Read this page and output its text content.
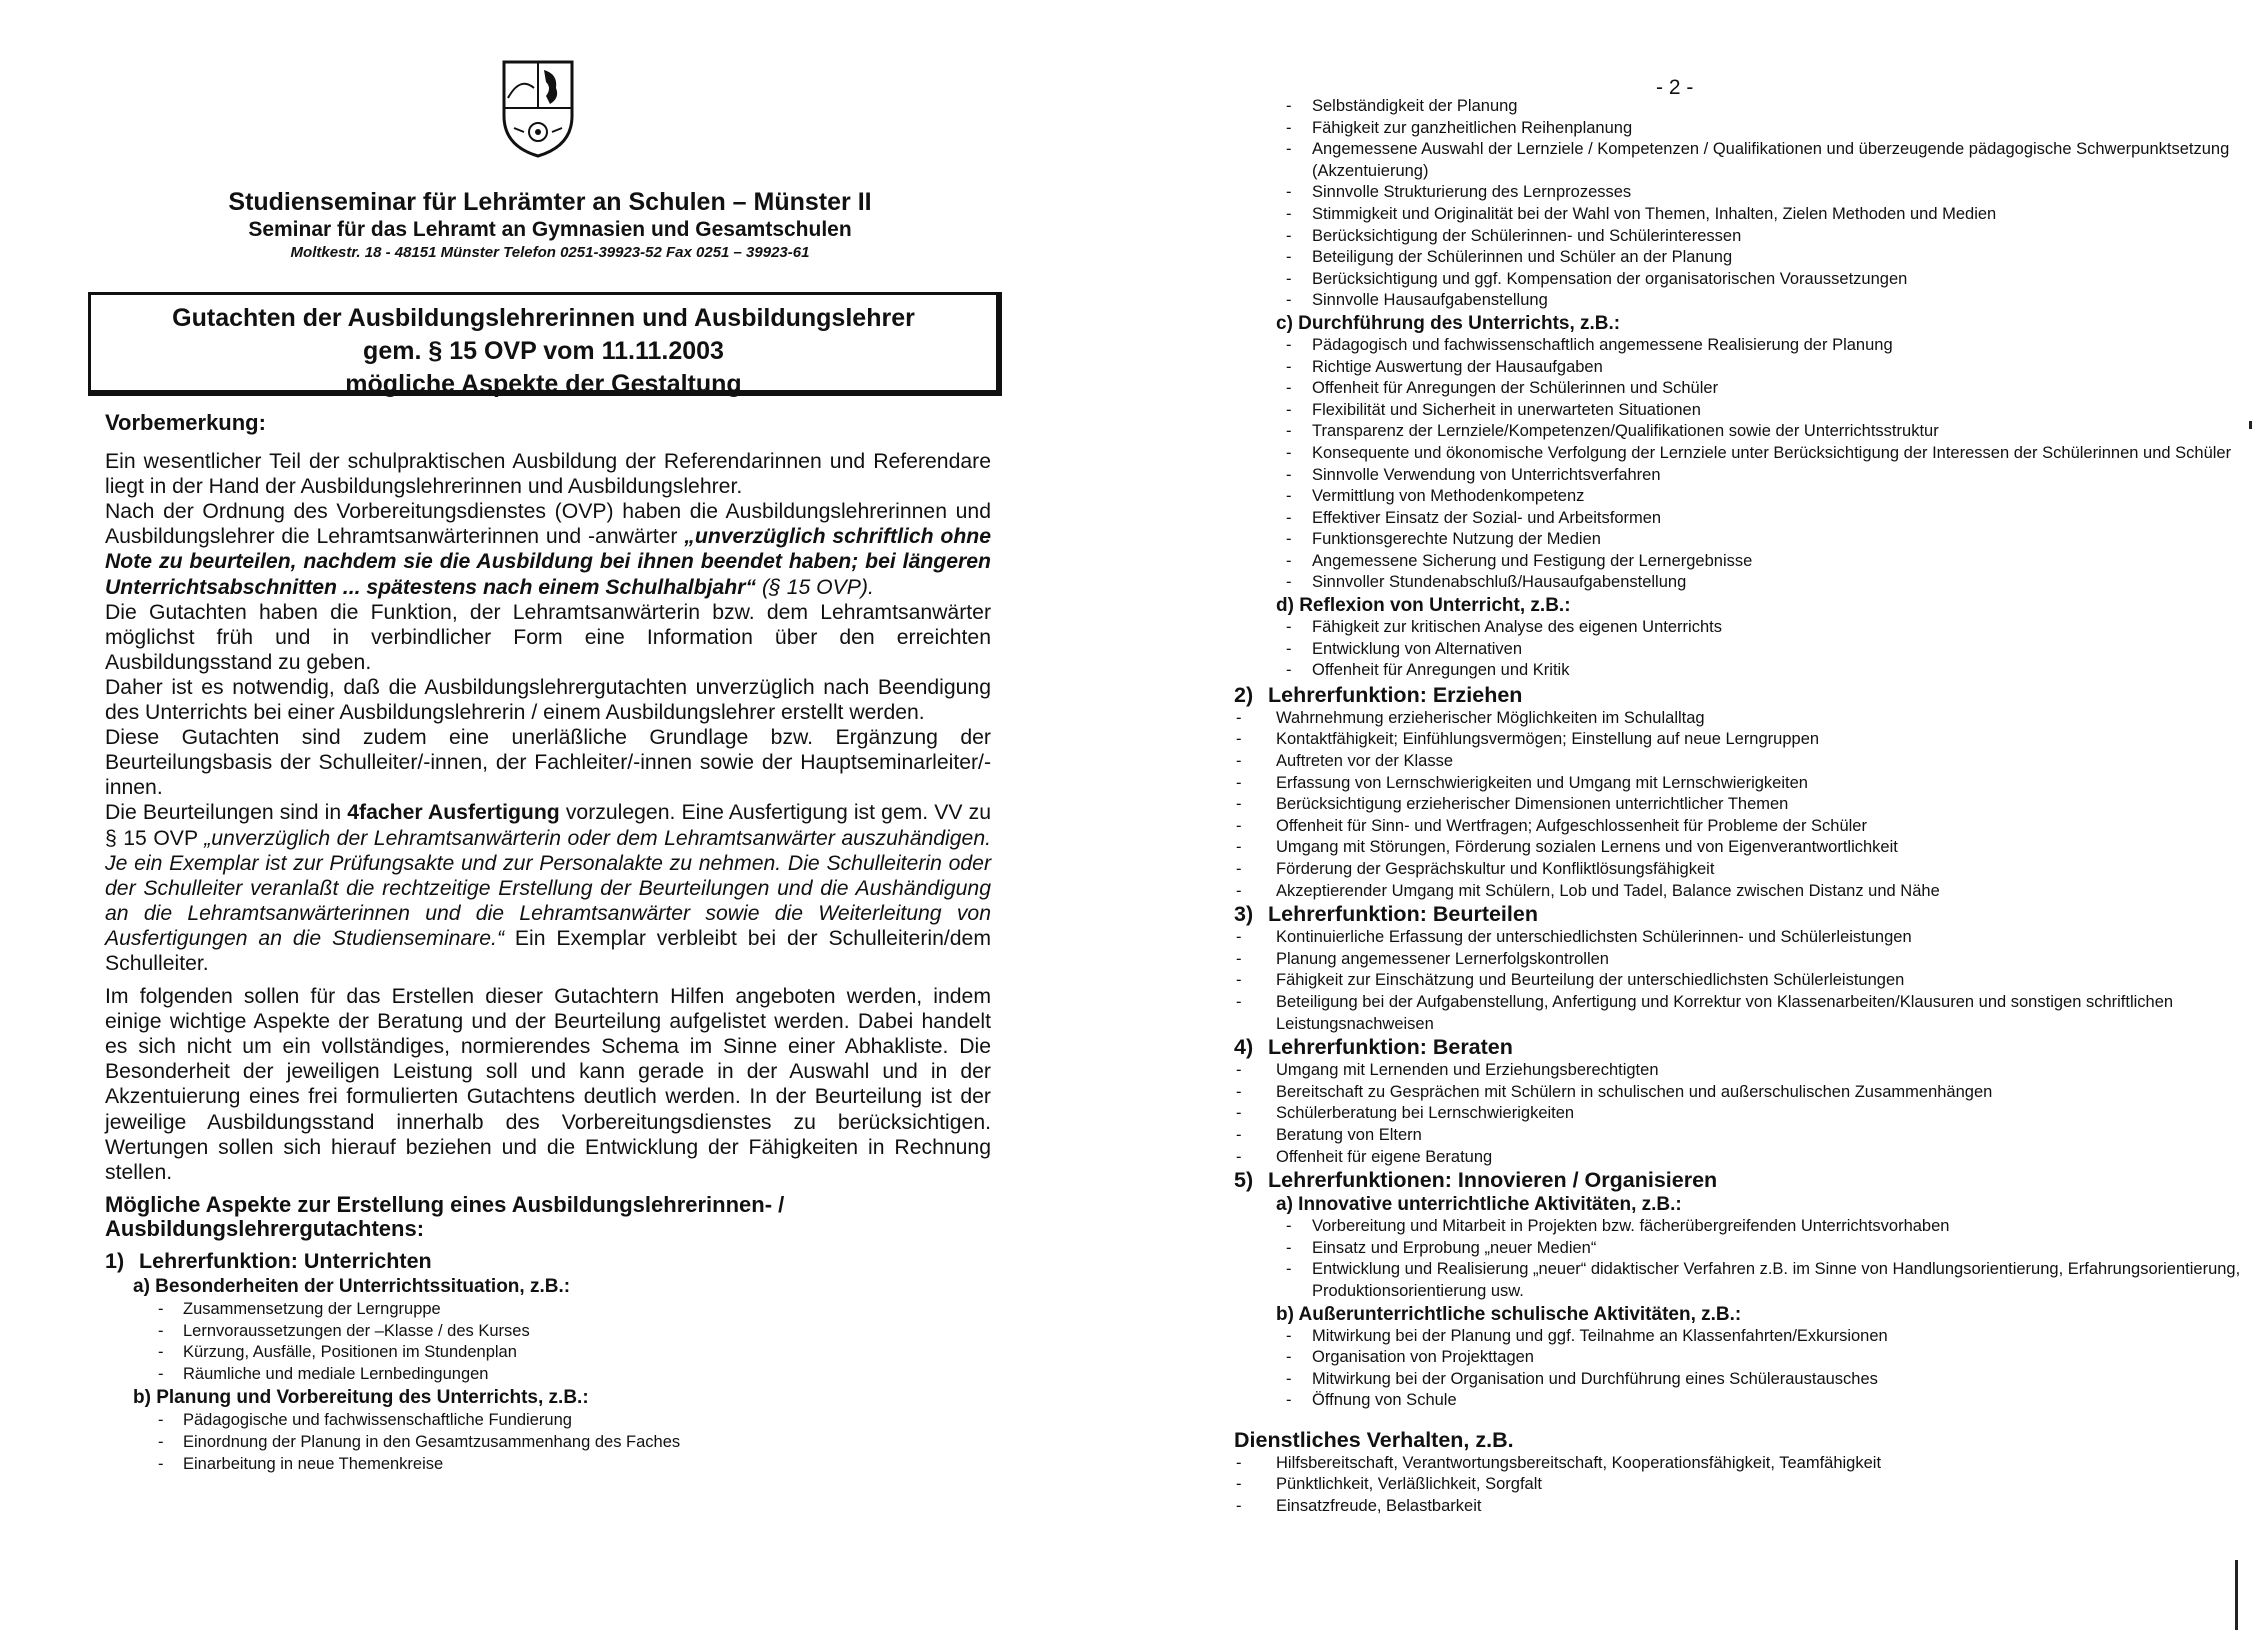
Studienseminar für Lehrämter an Schulen – Münster II
Seminar für das Lehramt an Gymnasien und Gesamtschulen
Moltkestr. 18 - 48151 Münster Telefon 0251-39923-52 Fax 0251 – 39923-61
Gutachten der Ausbildungslehrerinnen und Ausbildungslehrer
gem. § 15 OVP vom 11.11.2003
mögliche Aspekte der Gestaltung
Vorbemerkung:

Ein wesentlicher Teil der schulpraktischen Ausbildung der Referendarinnen und Referendare liegt in der Hand der Ausbildungslehrerinnen und Ausbildungslehrer.

Nach der Ordnung des Vorbereitungsdienstes (OVP) haben die Ausbildungslehrerinnen und Ausbildungslehrer die Lehramtsanwärterinnen und -anwärter „unverzüglich schriftlich ohne Note zu beurteilen, nachdem sie die Ausbildung bei ihnen beendet haben; bei längeren Unterrichtsabschnitten ... spätestens nach einem Schulhalbjahr“ (§ 15 OVP).

Die Gutachten haben die Funktion, der Lehramtsanwärterin bzw. dem Lehramtsanwärter möglichst früh und in verbindlicher Form eine Information über den erreichten Ausbildungsstand zu geben.

Daher ist es notwendig, daß die Ausbildungslehrergutachten unverzüglich nach Beendigung des Unterrichts bei einer Ausbildungslehrerin / einem Ausbildungslehrer erstellt werden.

Diese Gutachten sind zudem eine unerläßliche Grundlage bzw. Ergänzung der Beurteilungsbasis der Schulleiter/-innen, der Fachleiter/-innen sowie der Hauptseminarleiter/-innen.

Die Beurteilungen sind in 4facher Ausfertigung vorzulegen. Eine Ausfertigung ist gem. VV zu § 15 OVP „unverzüglich der Lehramtsanwärterin oder dem Lehramtsanwärter auszuhändigen. Je ein Exemplar ist zur Prüfungsakte und zur Personalakte zu nehmen. Die Schulleiterin oder der Schulleiter veranlaßt die rechtzeitige Erstellung der Beurteilungen und die Aushändigung an die Lehramtsanwärterinnen und die Lehramtsanwärter sowie die Weiterleitung von Ausfertigungen an die Studienseminare.“ Ein Exemplar verbleibt bei der Schulleiterin/dem Schulleiter.

Im folgenden sollen für das Erstellen dieser Gutachtern Hilfen angeboten werden, indem einige wichtige Aspekte der Beratung und der Beurteilung aufgelistet werden. Dabei handelt es sich nicht um ein vollständiges, normierendes Schema im Sinne einer Abhakliste. Die Besonderheit der jeweiligen Leistung soll und kann gerade in der Auswahl und in der Akzentuierung eines frei formulierten Gutachtens deutlich werden. In der Beurteilung ist der jeweilige Ausbildungsstand innerhalb des Vorbereitungsdienstes zu berücksichtigen. Wertungen sollen sich hierauf beziehen und die Entwicklung der Fähigkeiten in Rechnung stellen.

Mögliche Aspekte zur Erstellung eines Ausbildungslehrerinnen- / Ausbildungslehrergutachtens:
1) Lehrerfunktion: Unterrichten
a) Besonderheiten der Unterrichtssituation, z.B.:
- Zusammensetzung der Lerngruppe
- Lernvoraussetzungen der –Klasse / des Kurses
- Kürzung, Ausfälle, Positionen im Stundenplan
- Räumliche und mediale Lernbedingungen
b) Planung und Vorbereitung des Unterrichts, z.B.:
- Pädagogische und fachwissenschaftliche Fundierung
- Einordnung der Planung in den Gesamtzusammenhang des Faches
- Einarbeitung in neue Themenkreise
- 2 -
- Selbständigkeit der Planung
- Fähigkeit zur ganzheitlichen Reihenplanung
- Angemessene Auswahl der Lernziele / Kompetenzen / Qualifikationen und überzeugende pädagogische Schwerpunktsetzung (Akzentuierung)
- Sinnvolle Strukturierung des Lernprozesses
- Stimmigkeit und Originalität bei der Wahl von Themen, Inhalten, Zielen Methoden und Medien
- Berücksichtigung der Schülerinnen- und Schülerinteressen
- Beteiligung der Schülerinnen und Schüler an der Planung
- Berücksichtigung und ggf. Kompensation der organisatorischen Voraussetzungen
- Sinnvolle Hausaufgabenstellung
c) Durchführung des Unterrichts, z.B.:
- Pädagogisch und fachwissenschaftlich angemessene Realisierung der Planung
- Richtige Auswertung der Hausaufgaben
- Offenheit für Anregungen der Schülerinnen und Schüler
- Flexibilität und Sicherheit in unerwarteten Situationen
- Transparenz der Lernziele/Kompetenzen/Qualifikationen sowie der Unterrichtsstruktur
- Konsequente und ökonomische Verfolgung der Lernziele unter Berücksichtigung der Interessen der Schülerinnen und Schüler
- Sinnvolle Verwendung von Unterrichtsverfahren
- Vermittlung von Methodenkompetenz
- Effektiver Einsatz der Sozial- und Arbeitsformen
- Funktionsgerechte Nutzung der Medien
- Angemessene Sicherung und Festigung der Lernergebnisse
- Sinnvoller Stundenabschluß/Hausaufgabenstellung
d) Reflexion von Unterricht, z.B.:
- Fähigkeit zur kritischen Analyse des eigenen Unterrichts
- Entwicklung von Alternativen
- Offenheit für Anregungen und Kritik
2) Lehrerfunktion: Erziehen
- Wahrnehmung erzieherischer Möglichkeiten im Schulalltag
- Kontaktfähigkeit; Einfühlungsvermögen; Einstellung auf neue Lerngruppen
- Auftreten vor der Klasse
- Erfassung von Lernschwierigkeiten und Umgang mit Lernschwierigkeiten
- Berücksichtigung erzieherischer Dimensionen unterrichtlicher Themen
- Offenheit für Sinn- und Wertfragen; Aufgeschlossenheit für Probleme der Schüler
- Umgang mit Störungen, Förderung sozialen Lernens und von Eigenverantwortlichkeit
- Förderung der Gesprächskultur und Konfliktlösungsfähigkeit
- Akzeptierender Umgang mit Schülern, Lob und Tadel, Balance zwischen Distanz und Nähe
3) Lehrerfunktion: Beurteilen
- Kontinuierliche Erfassung der unterschiedlichsten Schülerinnen- und Schülerleistungen
- Planung angemessener Lernerfolgskontrollen
- Fähigkeit zur Einschätzung und Beurteilung der unterschiedlichsten Schülerleistungen
- Beteiligung bei der Aufgabenstellung, Anfertigung und Korrektur von Klassenarbeiten/Klausuren und sonstigen schriftlichen Leistungsnachweisen
4) Lehrerfunktion: Beraten
- Umgang mit Lernenden und Erziehungsberechtigten
- Bereitschaft zu Gesprächen mit Schülern in schulischen und außerschulischen Zusammenhängen
- Schülerberatung bei Lernschwierigkeiten
- Beratung von Eltern
- Offenheit für eigene Beratung
5) Lehrerfunktionen: Innovieren / Organisieren
a) Innovative unterrichtliche Aktivitäten, z.B.:
- Vorbereitung und Mitarbeit in Projekten bzw. fächerübergreifenden Unterrichtsvorhaben
- Einsatz und Erprobung „neuer Medien“
- Entwicklung und Realisierung „neuer“ didaktischer Verfahren z.B. im Sinne von Handlungsorientierung, Erfahrungsorientierung, Produktionsorientierung usw.
b) Außerunterrichtliche schulische Aktivitäten, z.B.:
- Mitwirkung bei der Planung und ggf. Teilnahme an Klassenfahrten/Exkursionen
- Organisation von Projekttagen
- Mitwirkung bei der Organisation und Durchführung eines Schüleraustausches
- Öffnung von Schule
Dienstliches Verhalten, z.B.
- Hilfsbereitschaft, Verantwortungsbereitschaft, Kooperationsfähigkeit, Teamfähigkeit
- Pünktlichkeit, Verläßlichkeit, Sorgfalt
- Einsatzfreude, Belastbarkeit
